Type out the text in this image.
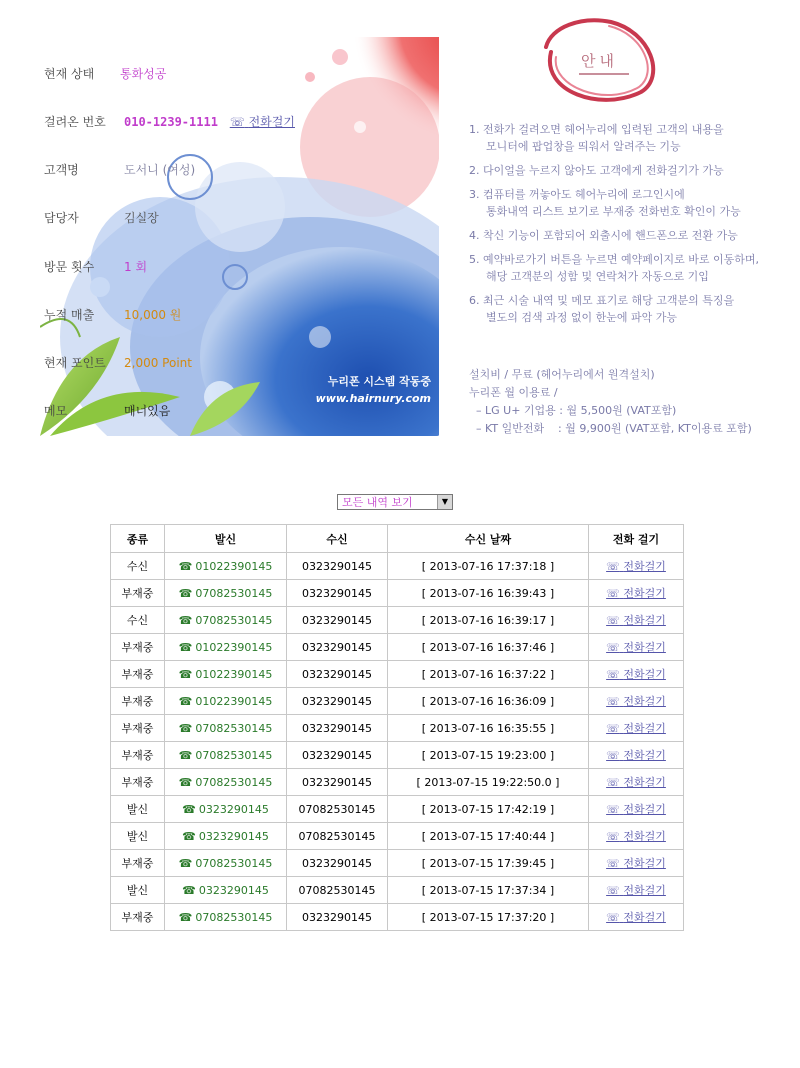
누리폰 시스템 작동중
www.hairnury.com
현재 상태 통화성공
걸려온 번호 010-1239-1111 ☏ 전화걸기
고객명	도서니 (여성)
담당자	김실장
방문 횟수 1 회
누적 매출 10,000 원
현재 포인트 2,000 Point
메모	매너있음
안내
1. 전화가 걸려오면 헤어누리에 입력된 고객의 내용을
모니터에 팝업창을 띄워서 알려주는 기능
2. 다이얼을 누르지 않아도 고객에게 전화걸기가 가능
3. 컴퓨터를 꺼놓아도 헤어누리에 로그인시에
통화내역 리스트 보기로 부재중 전화번호 확인이 가능
4. 착신 기능이 포함되어 외출시에 핸드폰으로 전환 가능
5. 예약바로가기 버튼을 누르면 예약페이지로 바로 이동하며,
해당 고객분의 성함 및 연락처가 자동으로 기입
6. 최근 시술 내역 및 메모 표기로 해당 고객분의 특징을
별도의 검색 과정 없이 한눈에 파악 가능
설치비 / 무료 (헤어누리에서 원격설치)
누리폰 월 이용료 /
– LG U+ 기업용 : 월 5,500원 (VAT포함)
– KT 일반전화    : 월 9,900원 (VAT포함, KT이용료 포함)
모든 내역 보기	▼
종류	발신	수신	수신 날짜	전화 걸기
수신	☎ 01022390145	0323290145	[ 2013-07-16 17:37:18 ]	☏ 전화걸기
부재중	☎ 07082530145	0323290145	[ 2013-07-16 16:39:43 ]	☏ 전화걸기
수신	☎ 07082530145	0323290145	[ 2013-07-16 16:39:17 ]	☏ 전화걸기
부재중	☎ 01022390145	0323290145	[ 2013-07-16 16:37:46 ]	☏ 전화걸기
부재중	☎ 01022390145	0323290145	[ 2013-07-16 16:37:22 ]	☏ 전화걸기
부재중	☎ 01022390145	0323290145	[ 2013-07-16 16:36:09 ]	☏ 전화걸기
부재중	☎ 07082530145	0323290145	[ 2013-07-16 16:35:55 ]	☏ 전화걸기
부재중	☎ 07082530145	0323290145	[ 2013-07-15 19:23:00 ]	☏ 전화걸기
부재중	☎ 07082530145	0323290145	[ 2013-07-15 19:22:50.0 ]	☏ 전화걸기
발신	☎ 0323290145	07082530145	[ 2013-07-15 17:42:19 ]	☏ 전화걸기
발신	☎ 0323290145	07082530145	[ 2013-07-15 17:40:44 ]	☏ 전화걸기
부재중	☎ 07082530145	0323290145	[ 2013-07-15 17:39:45 ]	☏ 전화걸기
발신	☎ 0323290145	07082530145	[ 2013-07-15 17:37:34 ]	☏ 전화걸기
부재중	☎ 07082530145	0323290145	[ 2013-07-15 17:37:20 ]	☏ 전화걸기
